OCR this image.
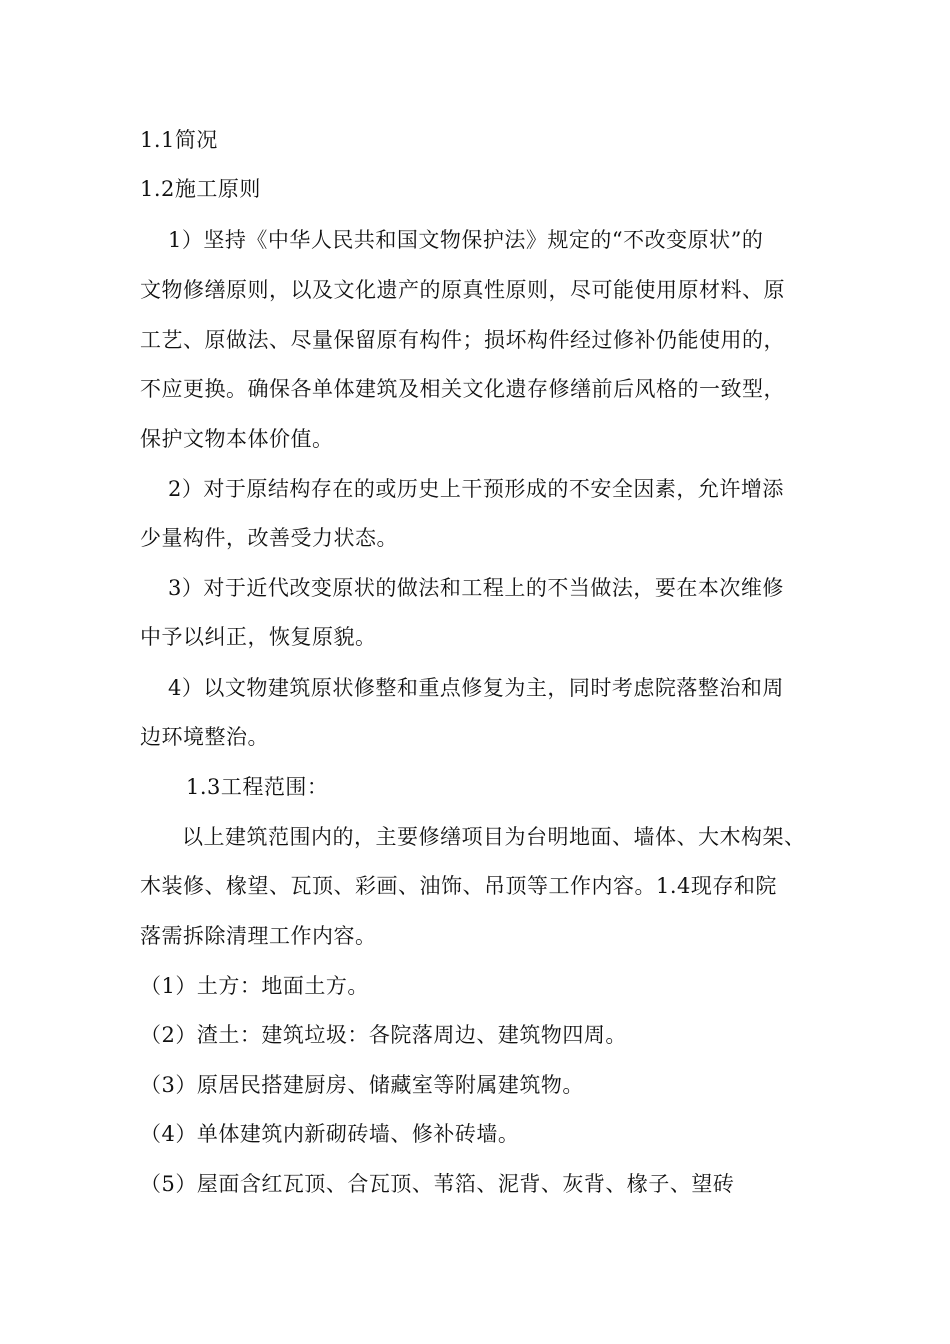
1.1简况
1.2施工原则
1）坚持《中华人民共和国文物保护法》规定的“不改变原状”的
文物修缮原则，以及文化遗产的原真性原则，尽可能使用原材料、原
工艺、原做法、尽量保留原有构件；损坏构件经过修补仍能使用的，
不应更换。确保各单体建筑及相关文化遗存修缮前后风格的一致型，
保护文物本体价值。
2）对于原结构存在的或历史上干预形成的不安全因素，允许增添
少量构件，改善受力状态。
3）对于近代改变原状的做法和工程上的不当做法，要在本次维修
中予以纠正，恢复原貌。
4）以文物建筑原状修整和重点修复为主，同时考虑院落整治和周
边环境整治。
1.3工程范围：
以上建筑范围内的，主要修缮项目为台明地面、墙体、大木构架、
木装修、椽望、瓦顶、彩画、油饰、吊顶等工作内容。1.4现存和院
落需拆除清理工作内容。
（1）土方：地面土方。
（2）渣土：建筑垃圾：各院落周边、建筑物四周。
（3）原居民搭建厨房、储藏室等附属建筑物。
（4）单体建筑内新砌砖墙、修补砖墙。
（5）屋面含红瓦顶、合瓦顶、苇箔、泥背、灰背、椽子、望砖
